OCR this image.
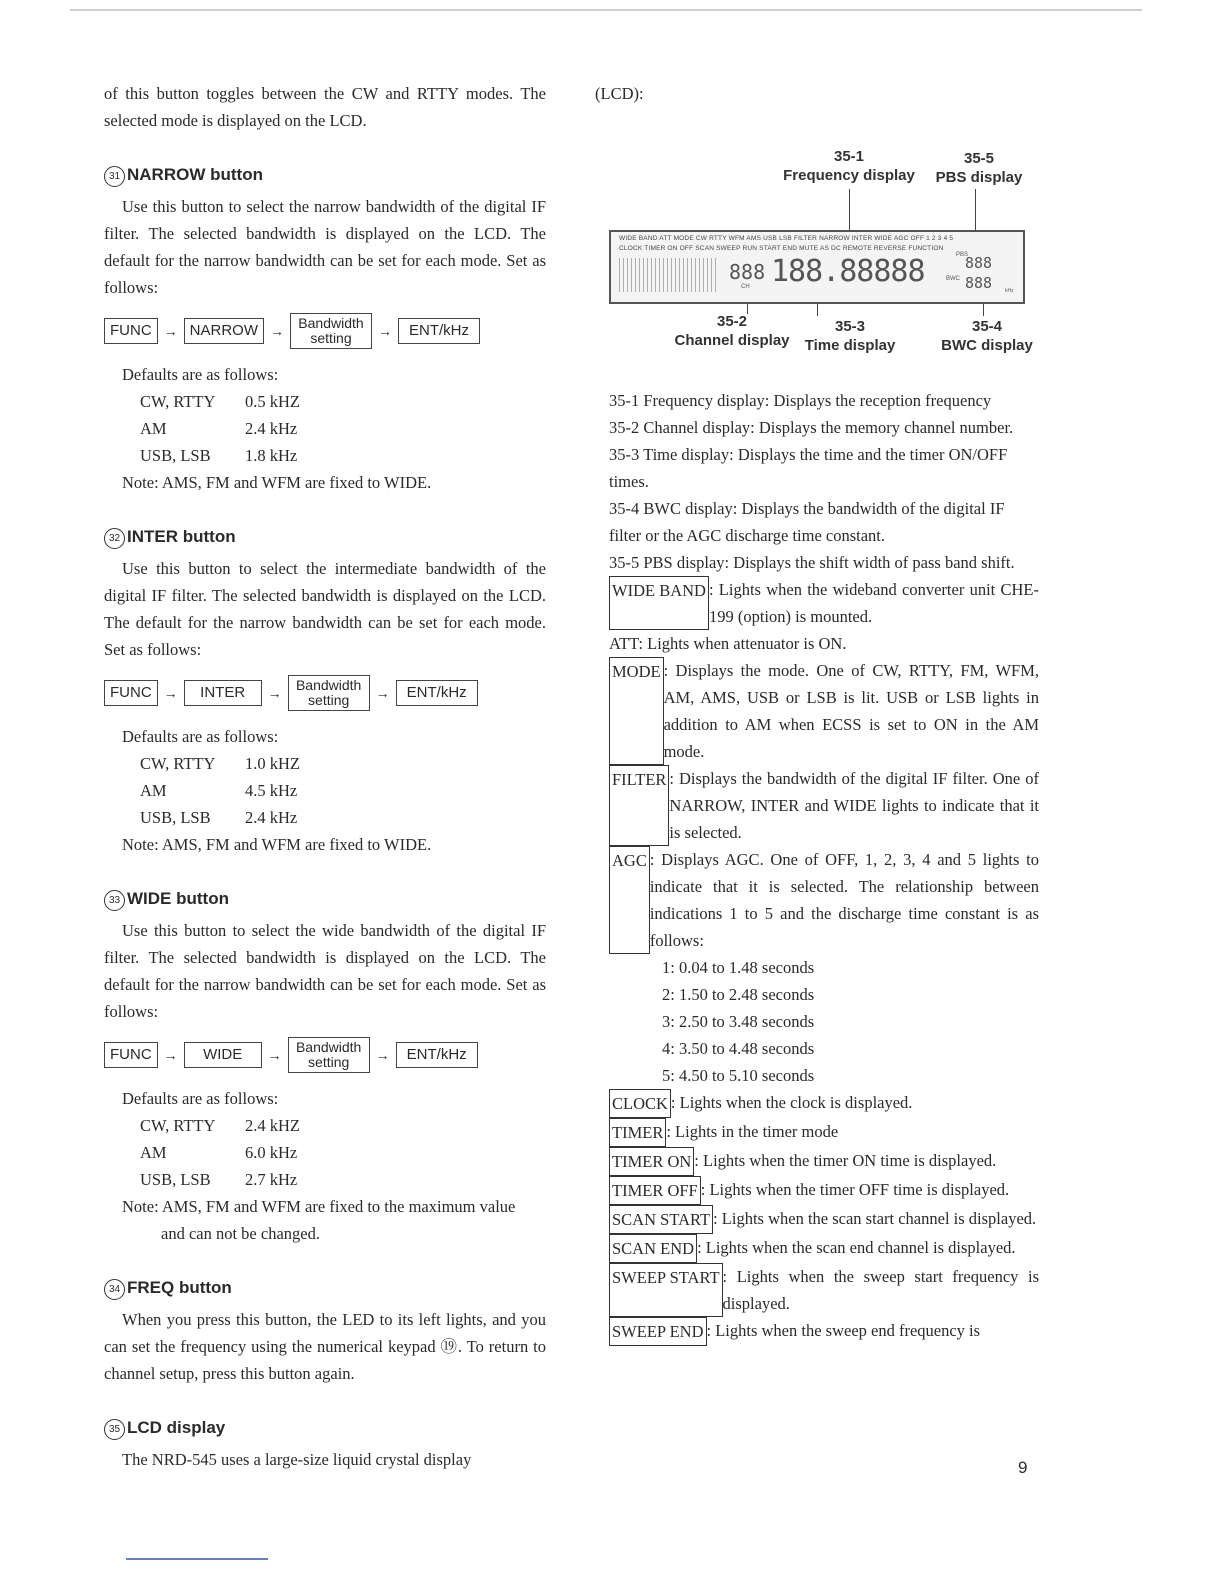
of this button toggles between the CW and RTTY modes. The selected mode is displayed on the LCD.

31 NARROW button

Use this button to select the narrow bandwidth of the digital IF filter. The selected bandwidth is displayed on the LCD. The default for the narrow bandwidth can be set for each mode. Set as follows:

FUNC → NARROW →	Bandwidth setting	→	ENT/kHz
Defaults are as follows:
CW, RTTY	0.5 kHZ
AM	2.4 kHz
USB, LSB	1.8 kHz
Note: AMS, FM and WFM are fixed to WIDE.
32 INTER button

Use this button to select the intermediate bandwidth of the digital IF filter. The selected bandwidth is displayed on the LCD. The default for the narrow bandwidth can be set for each mode. Set as follows:

FUNC →	INTER	→	Bandwidth setting	→	ENT/kHz
Defaults are as follows:
CW, RTTY	1.0 kHZ
AM	4.5 kHz
USB, LSB	2.4 kHz
Note: AMS, FM and WFM are fixed to WIDE.
33 WIDE button

Use this button to select the wide bandwidth of the digital IF filter. The selected bandwidth is displayed on the LCD. The default for the narrow bandwidth can be set for each mode. Set as follows:

FUNC →	WIDE	→	Bandwidth setting	→	ENT/kHz
Defaults are as follows:
CW, RTTY	2.4 kHZ
AM	6.0 kHz
USB, LSB	2.7 kHz
Note: AMS, FM and WFM are fixed to the maximum value
and can not be changed.
34 FREQ button

When you press this button, the LED to its left lights, and you can set the frequency using the numerical keypad ⑲. To return to channel setup, press this button again.

35 LCD display

The NRD-545 uses a large-size liquid crystal display

(LCD):

35-1
Frequency display
35-5
PBS display
WIDE BAND ATT MODE CW RTTY WFM AMS USB LSB FILTER NARROW INTER WIDE AGC OFF 1 2 3 4 5
CLOCK TIMER ON OFF SCAN SWEEP RUN START END MUTE AS DC REMOTE REVERSE FUNCTION
888
CH 188.88888	PBS
888
BWC 888	kHz
35-2
Channel display
35-3
Time display
35-4
BWC display

35-1 Frequency display: Displays the reception frequency

35-2 Channel display: Displays the memory channel number.

35-3 Time display: Displays the time and the timer ON/OFF times.

35-4 BWC display: Displays the bandwidth of the digital IF filter or the AGC discharge time constant.

35-5 PBS display: Displays the shift width of pass band shift.

WIDE BAND : Lights when the wideband converter unit CHE-199 (option) is mounted.

ATT: Lights when attenuator is ON.

MODE : Displays the mode. One of CW, RTTY, FM, WFM, AM, AMS, USB or LSB is lit. USB or LSB lights in addition to AM when ECSS is set to ON in the AM mode.
FILTER : Displays the bandwidth of the digital IF filter. One of NARROW, INTER and WIDE lights to indicate that it is selected.
AGC : Displays AGC. One of OFF, 1, 2, 3, 4 and 5 lights to indicate that it is selected. The relationship between indications 1 to 5 and the discharge time constant is as follows:
1: 0.04 to 1.48 seconds
2: 1.50 to 2.48 seconds
3: 2.50 to 3.48 seconds
4: 3.50 to 4.48 seconds
5: 4.50 to 5.10 seconds
CLOCK : Lights when the clock is displayed.
TIMER : Lights in the timer mode
TIMER ON : Lights when the timer ON time is displayed.
TIMER OFF : Lights when the timer OFF time is displayed.
SCAN START : Lights when the scan start channel is displayed.
SCAN END : Lights when the scan end channel is displayed.
SWEEP START : Lights when the sweep start frequency is displayed.
SWEEP END : Lights when the sweep end frequency is
9
